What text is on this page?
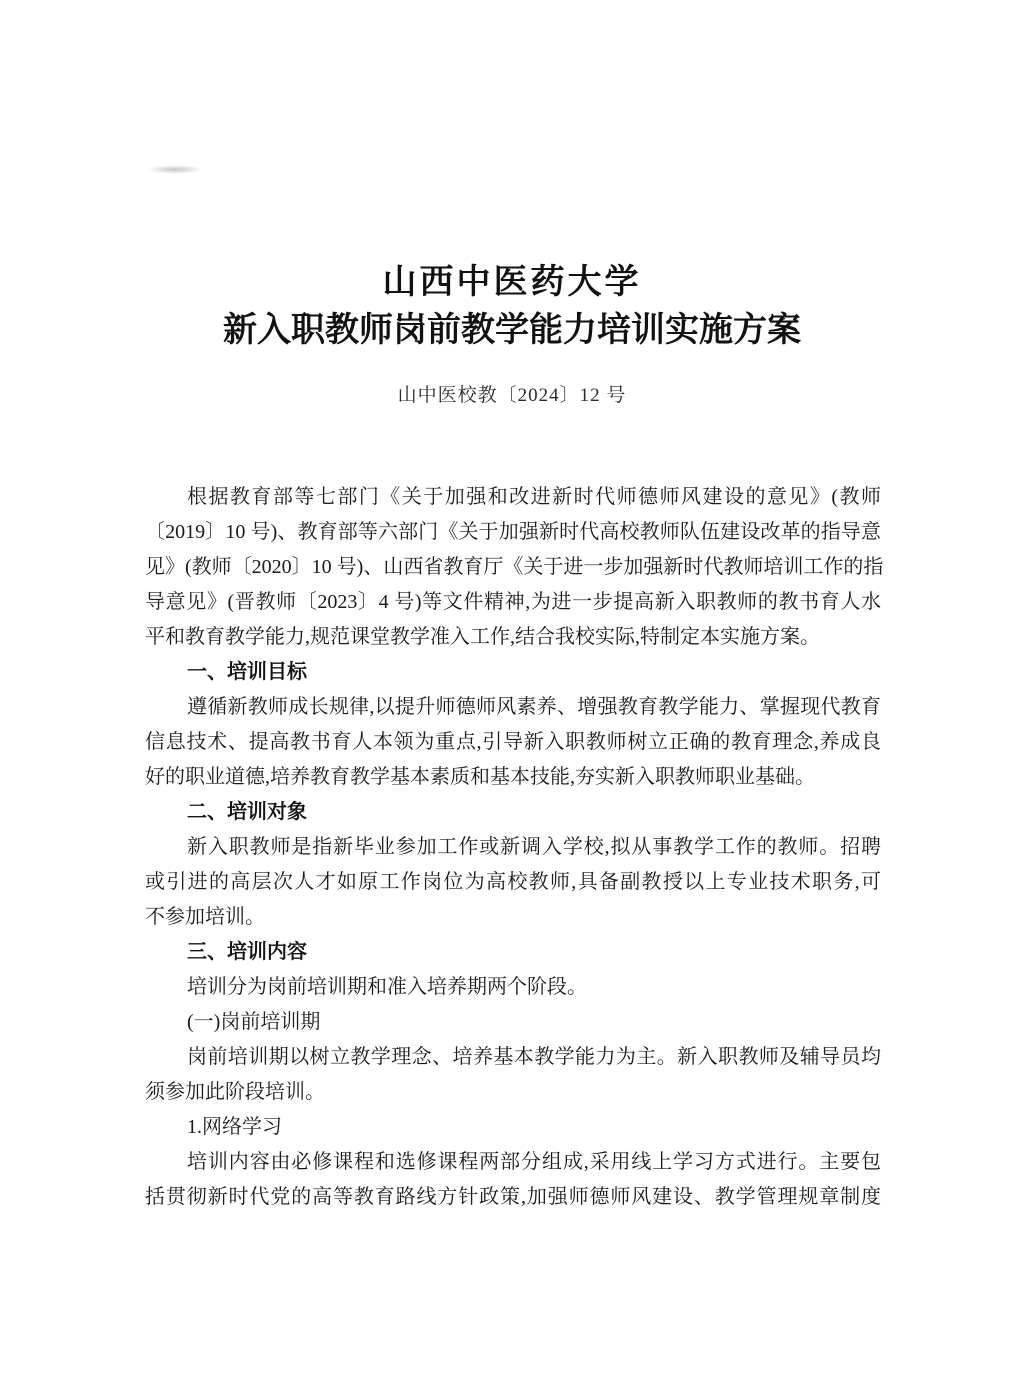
山西中医药大学
新入职教师岗前教学能力培训实施方案
山中医校教〔2024〕12 号
根据教育部等七部门《关于加强和改进新时代师德师风建设的意见》(教师
〔2019〕10 号)、教育部等六部门《关于加强新时代高校教师队伍建设改革的指导意
见》(教师〔2020〕10 号)、山西省教育厅《关于进一步加强新时代教师培训工作的指
导意见》(晋教师〔2023〕4 号)等文件精神,为进一步提高新入职教师的教书育人水
平和教育教学能力,规范课堂教学准入工作,结合我校实际,特制定本实施方案。
一、培训目标
遵循新教师成长规律,以提升师德师风素养、增强教育教学能力、掌握现代教育
信息技术、提高教书育人本领为重点,引导新入职教师树立正确的教育理念,养成良
好的职业道德,培养教育教学基本素质和基本技能,夯实新入职教师职业基础。
二、培训对象
新入职教师是指新毕业参加工作或新调入学校,拟从事教学工作的教师。招聘
或引进的高层次人才如原工作岗位为高校教师,具备副教授以上专业技术职务,可
不参加培训。
三、培训内容
培训分为岗前培训期和准入培养期两个阶段。
(一)岗前培训期
岗前培训期以树立教学理念、培养基本教学能力为主。新入职教师及辅导员均
须参加此阶段培训。
1.网络学习
培训内容由必修课程和选修课程两部分组成,采用线上学习方式进行。主要包
括贯彻新时代党的高等教育路线方针政策,加强师德师风建设、教学管理规章制度
